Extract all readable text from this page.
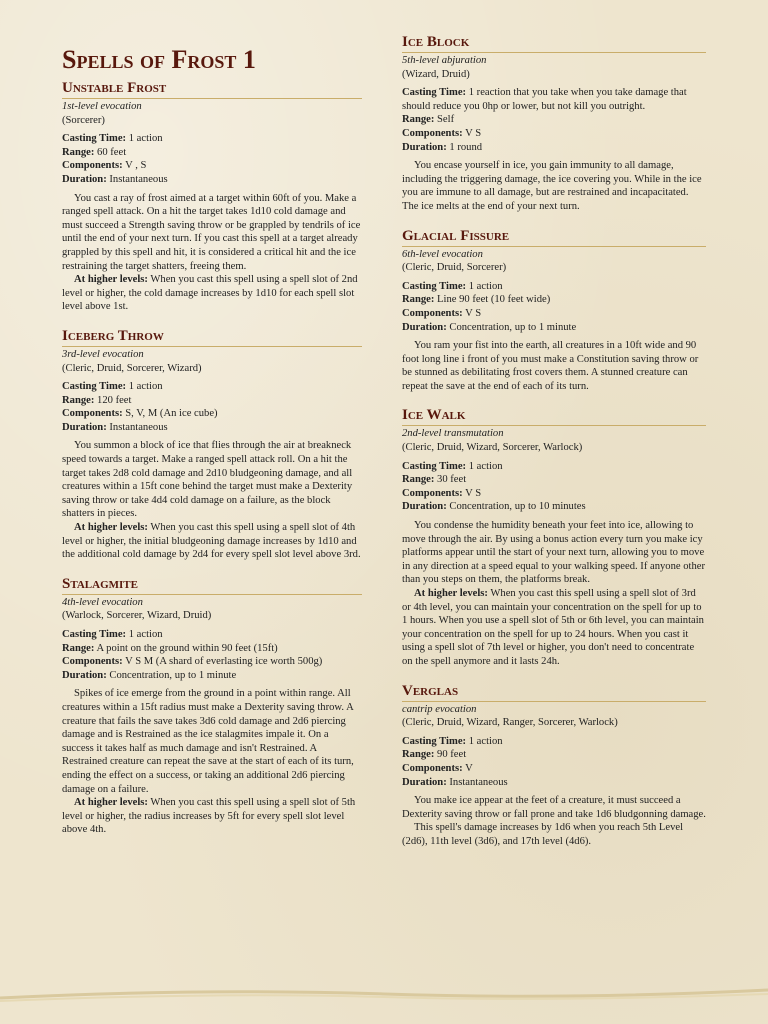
Spells of Frost 1
Unstable Frost

1st-level evocation

(Sorcerer)

Casting Time: 1 action

Range: 60 feet

Components: V , S

Duration: Instantaneous

You cast a ray of frost aimed at a target within 60ft of you. Make a ranged spell attack. On a hit the target takes 1d10 cold damage and must succeed a Strength saving throw or be grappled by tendrils of ice until the end of your next turn. If you cast this spell at a target already grappled by this spell and hit, it is considered a critical hit and the ice restraining the target shatters, freeing them.

At higher levels: When you cast this spell using a spell slot of 2nd level or higher, the cold damage increases by 1d10 for each spell slot level above 1st.

Iceberg Throw

3rd-level evocation

(Cleric, Druid, Sorcerer, Wizard)

Casting Time: 1 action

Range: 120 feet

Components: S, V, M (An ice cube)

Duration: Instantaneous

You summon a block of ice that flies through the air at breakneck speed towards a target. Make a ranged spell attack roll. On a hit the target takes 2d8 cold damage and 2d10 bludgeoning damage, and all creatures within a 15ft cone behind the target must make a Dexterity saving throw or take 4d4 cold damage on a failure, as the block shatters in pieces.

At higher levels: When you cast this spell using a spell slot of 4th level or higher, the initial bludgeoning damage increases by 1d10 and the additional cold damage by 2d4 for every spell slot level above 3rd.

Stalagmite

4th-level evocation

(Warlock, Sorcerer, Wizard, Druid)

Casting Time: 1 action

Range: A point on the ground within 90 feet (15ft)

Components: V S M (A shard of everlasting ice worth 500g)

Duration: Concentration, up to 1 minute

Spikes of ice emerge from the ground in a point within range. All creatures within a 15ft radius must make a Dexterity saving throw. A creature that fails the save takes 3d6 cold damage and 2d6 piercing damage and is Restrained as the ice stalagmites impale it. On a success it takes half as much damage and isn't Restrained. A Restrained creature can repeat the save at the start of each of its turn, ending the effect on a success, or taking an additional 2d6 piercing damage on a failure.

At higher levels: When you cast this spell using a spell slot of 5th level or higher, the radius increases by 5ft for every spell slot level above 4th.

Ice Block

5th-level abjuration

(Wizard, Druid)

Casting Time: 1 reaction that you take when you take damage that should reduce you 0hp or lower, but not kill you outright.

Range: Self

Components: V S

Duration: 1 round

You encase yourself in ice, you gain immunity to all damage, including the triggering damage, the ice covering you. While in the ice you are immune to all damage, but are restrained and incapacitated. The ice melts at the end of your next turn.

Glacial Fissure

6th-level evocation

(Cleric, Druid, Sorcerer)

Casting Time: 1 action

Range: Line 90 feet (10 feet wide)

Components: V S

Duration: Concentration, up to 1 minute

You ram your fist into the earth, all creatures in a 10ft wide and 90 foot long line i front of you must make a Constitution saving throw or be stunned as debilitating frost covers them. A stunned creature can repeat the save at the end of each of its turn.

Ice Walk

2nd-level transmutation

(Cleric, Druid, Wizard, Sorcerer, Warlock)

Casting Time: 1 action

Range: 30 feet

Components: V S

Duration: Concentration, up to 10 minutes

You condense the humidity beneath your feet into ice, allowing to move through the air. By using a bonus action every turn you make icy platforms appear until the start of your next turn, allowing you to move in any direction at a speed equal to your walking speed. If anyone other than you steps on them, the platforms break.

At higher levels: When you cast this spell using a spell slot of 3rd or 4th level, you can maintain your concentration on the spell for up to 1 hours. When you use a spell slot of 5th or 6th level, you can maintain your concentration on the spell for up to 24 hours. When you cast it using a spell slot of 7th level or higher, you don't need to concentrate on the spell anymore and it lasts 24h.

Verglas

cantrip evocation

(Cleric, Druid, Wizard, Ranger, Sorcerer, Warlock)

Casting Time: 1 action

Range: 90 feet

Components: V

Duration: Instantaneous

You make ice appear at the feet of a creature, it must succeed a Dexterity saving throw or fall prone and take 1d6 bludgonning damage.

This spell's damage increases by 1d6 when you reach 5th Level (2d6), 11th level (3d6), and 17th level (4d6).
